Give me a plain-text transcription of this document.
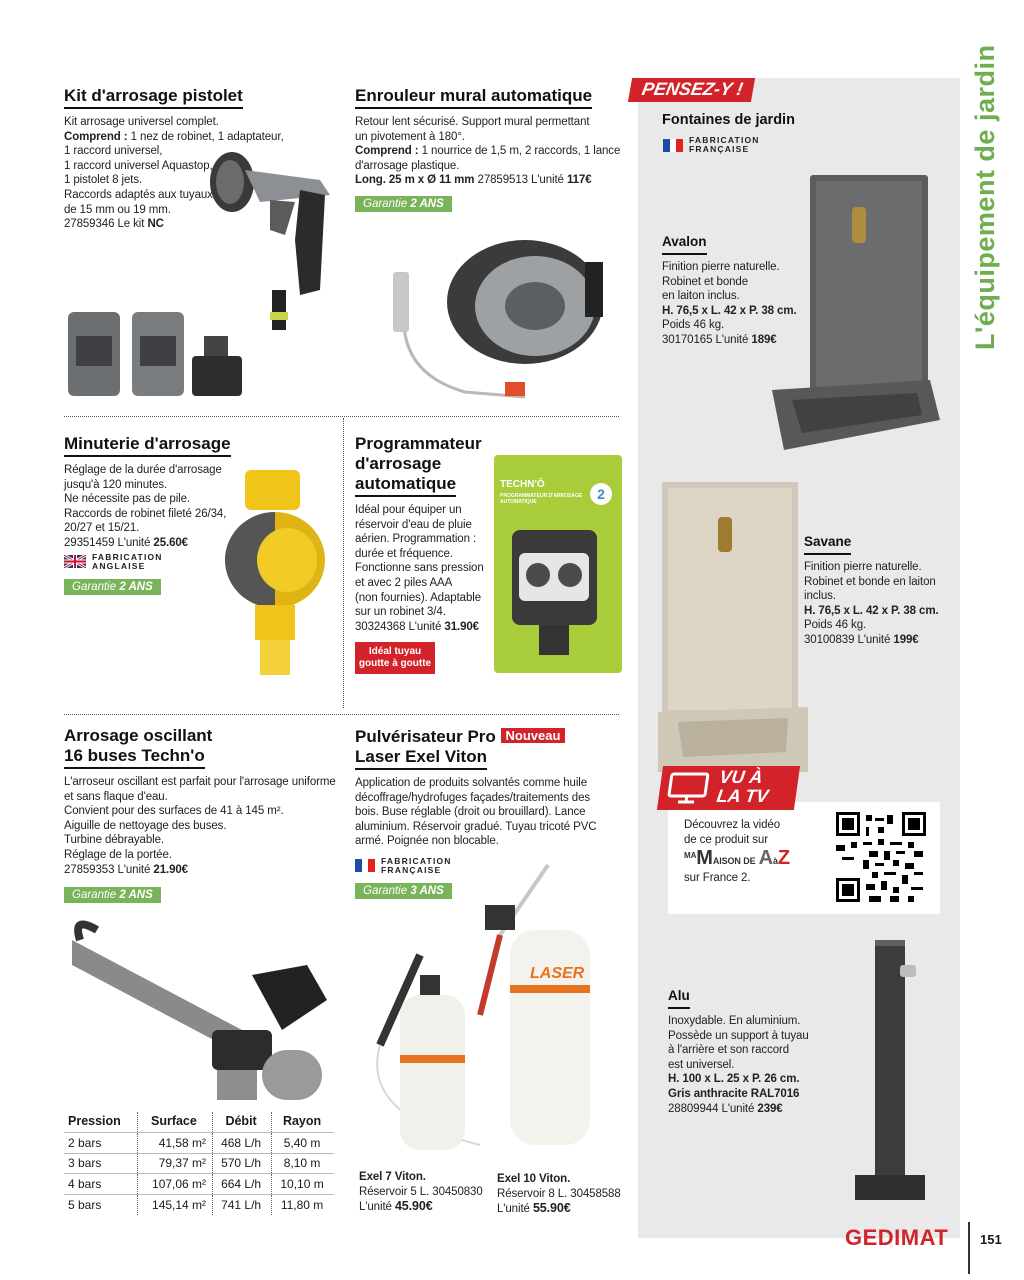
L'équipement de jardin
Kit d'arrosage pistolet
Kit arrosage universel complet.
Comprend : 1 nez de robinet, 1 adaptateur,
1 raccord universel,
1 raccord universel Aquastop,
1 pistolet 8 jets.
Raccords adaptés aux tuyaux
de 15 mm ou 19 mm.
27859346 Le kit NC
Enrouleur mural automatique
Retour lent sécurisé. Support mural permettant
un pivotement à 180°.
Comprend : 1 nourrice de 1,5 m, 2 raccords, 1 lance
d'arrosage plastique.
Long. 25 m x Ø 11 mm 27859513 L'unité 117€
Garantie 2 ANS
Minuterie d'arrosage
Réglage de la durée d'arrosage
jusqu'à 120 minutes.
Ne nécessite pas de pile.
Raccords de robinet fileté 26/34,
20/27 et 15/21.
29351459 L'unité 25.60€
FABRICATION
ANGLAISE
Garantie 2 ANS
Programmateur
d'arrosage
automatique
Idéal pour équiper un
réservoir d'eau de pluie
aérien. Programmation :
durée et fréquence.
Fonctionne sans pression
et avec 2 piles AAA
(non fournies). Adaptable
sur un robinet 3/4.
30324368 L'unité 31.90€
Idéal tuyau
goutte à goutte
TECHN'Ô
2
PROGRAMMATEUR D'ARROSAGE AUTOMATIQUE
Arrosage oscillant
16 buses Techn'o
L'arroseur oscillant est parfait pour l'arrosage uniforme
et sans flaque d'eau.
Convient pour des surfaces de 41 à 145 m².
Aiguille de nettoyage des buses.
Turbine débrayable.
Réglage de la portée.
27859353 L'unité 21.90€
Garantie 2 ANS
Pression	Surface	Débit	Rayon
2 bars	41,58 m²	468 L/h	5,40 m
3 bars	79,37 m²	570 L/h	8,10 m
4 bars	107,06 m²	664 L/h	10,10 m
5 bars	145,14 m²	741 L/h	11,80 m
Pulvérisateur Pro Nouveau
Laser Exel Viton
Application de produits solvantés comme huile
décoffrage/hydrofuges façades/traitements des
bois. Buse réglable (droit ou brouillard). Lance
aluminium. Réservoir gradué. Tuyau tricoté PVC
armé. Poignée non blocable.
FABRICATION
FRANÇAISE
Garantie 3 ANS
LASER
Exel 7 Viton.
Réservoir 5 L. 30450830
L'unité 45.90€
Exel 10 Viton.
Réservoir 8 L. 30458588
L'unité 55.90€
PENSEZ-Y !
Fontaines de jardin
FABRICATION
FRANÇAISE
Avalon
Finition pierre naturelle.
Robinet et bonde
en laiton inclus.
H. 76,5 x L. 42 x P. 38 cm.
Poids 46 kg.
30170165 L'unité 189€
Savane
Finition pierre naturelle.
Robinet et bonde en laiton
inclus.
H. 76,5 x L. 42 x P. 38 cm.
Poids 46 kg.
30100839 L'unité 199€
VU À
LA TV
Découvrez la vidéo
de ce produit sur
$^{MA}$MAISON DE AàZ
sur France 2.
Alu
Inoxydable. En aluminium.
Possède un support à tuyau
à l'arrière et son raccord
est universel.
H. 100 x L. 25 x P. 26 cm.
Gris anthracite RAL7016
28809944 L'unité 239€
GEDIMAT 151
